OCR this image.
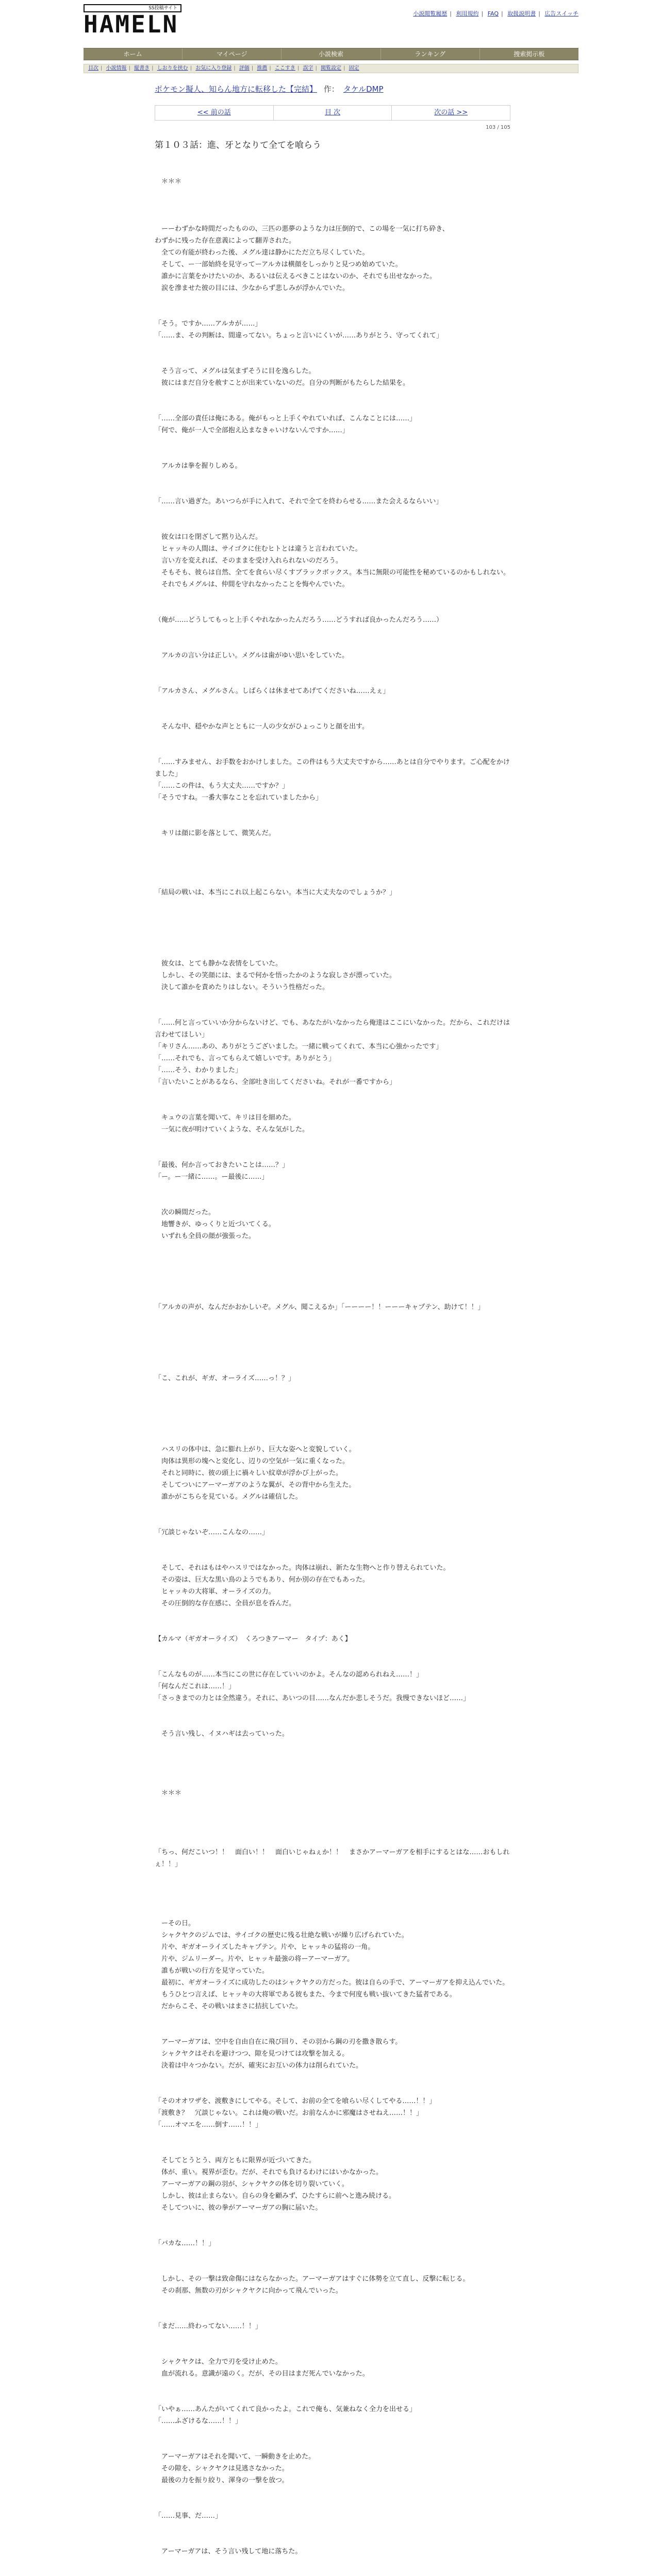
SS投稿サイト
HAMELN	小説閲覧履歴 | 利用規約 | FAQ | 取扱説明書 | 広告スイッチ
ホーム	マイページ	小説検索	ランキング	捜索掲示板
目次 | 小説情報 | 縦書き | しおりを挟む | お気に入り登録 | 評価 | 推薦 | ここすき | 誤字 | 閲覧設定 | 固定
ポケモン擬人、知らん地方に転移した【完結】 作： タケルDMP
<< 前の話	目 次	次の話 >>
103 / 105
第１０３話：進、牙となりて全てを喰らう

　＊＊＊

　ーーわずかな時間だったものの、三匹の悪夢のような力は圧倒的で、この場を一気に打ち砕き、

わずかに残った存在意義によって翻弄された。

　全ての有能が終わった後、メグル達は静かにただ立ち尽くしていた。

　そして、ー一部始終を見守ってーアルカは横顔をしっかりと見つめ始めていた。

　誰かに言葉をかけたいのか、あるいは伝えるべきことはないのか、それでも出せなかった。

　涙を滲ませた彼の目には、少なからず悲しみが浮かんでいた。

「そう。ですか……アルカが……」

「……ま、その判断は、間違ってない。ちょっと言いにくいが……ありがとう、守ってくれて」

　そう言って、メグルは気まずそうに目を逸らした。

　彼にはまだ自分を赦すことが出来ていないのだ。自分の判断がもたらした結果を。

「……全部の責任は俺にある。俺がもっと上手くやれていれば、こんなことには……」

「何で、俺が一人で全部抱え込まなきゃいけないんですか……」

　アルカは拳を握りしめる。

「……言い過ぎた。あいつらが手に入れて、それで全てを終わらせる……また会えるならいい」

　彼女は口を閉ざして黙り込んだ。

　ヒャッキの人間は、サイゴクに住むヒトとは違うと言われていた。

　言い方を変えれば、そのままを受け入れられないのだろう。

　そもそも、彼らは自然、全てを食らい尽くすブラックボックス。本当に無限の可能性を秘めているのかもしれない。

　それでもメグルは、仲間を守れなかったことを悔やんでいた。

（俺が……どうしてもっと上手くやれなかったんだろう……どうすれば良かったんだろう……）

　アルカの言い分は正しい。メグルは歯がゆい思いをしていた。

「アルカさん、メグルさん。しばらくは休ませてあげてくださいね……えぇ」

　そんな中、穏やかな声とともに一人の少女がひょっこりと顔を出す。

「……すみません、お手数をおかけしました。この件はもう大丈夫ですから……あとは自分でやります。ご心配をかけました」

「……この件は、もう大丈夫……ですか？」

「そうですね。一番大事なことを忘れていましたから」

　キリは顔に影を落として、微笑んだ。

「結局の戦いは、本当にこれ以上起こらない。本当に大丈夫なのでしょうか？」

　彼女は、とても静かな表情をしていた。

　しかし、その笑顔には、まるで何かを悟ったかのような寂しさが漂っていた。

　決して誰かを責めたりはしない。そういう性格だった。

「……何と言っていいか分からないけど、でも、あなたがいなかったら俺達はここにいなかった。だから、これだけは言わせてほしい」

「キリさん……あの、ありがとうございました。一緒に戦ってくれて、本当に心強かったです」

「……それでも、言ってもらえて嬉しいです。ありがとう」

「……そう、わかりました」

「言いたいことがあるなら、全部吐き出してくださいね。それが一番ですから」

　キュウの言葉を聞いて、キリは目を細めた。

　一気に夜が明けていくような、そんな気がした。

「最後、何か言っておきたいことは……？」

「ー。ー一緒に……。ー最後に……」

　次の瞬間だった。

　地響きが、ゆっくりと近づいてくる。

　いずれも全員の顔が強張った。

「アルカの声が、なんだかおかしいぞ。メグル、聞こえるか」「ーーーー！！ーーーキャプテン、助けて！！」

「こ、これが、ギガ、オーライズ……っ！？」

　ハスリの体中は、急に膨れ上がり、巨大な姿へと変貌していく。

　肉体は異形の塊へと変化し、辺りの空気が一気に重くなった。

　それと同時に、彼の頭上に禍々しい紋章が浮かび上がった。

　そしてついにアーマーガアのような翼が、その背中から生えた。

　誰かがこちらを見ている。メグルは確信した。

「冗談じゃないぞ……こんなの……」

　そして、それはもはやハスリではなかった。肉体は崩れ、新たな生物へと作り替えられていた。

　その姿は、巨大な黒い鳥のようでもあり、何か別の存在でもあった。

　ヒャッキの大将軍、オーライズの力。

　その圧倒的な存在感に、全員が息を呑んだ。

【カルマ（ギガオーライズ）　くろつきアーマー　タイプ：あく】

「こんなものが……本当にこの世に存在していいのかよ。そんなの認められねえ……！」

「何なんだこれは……！」

「さっきまでの力とは全然違う。それに、あいつの目……なんだか悲しそうだ。我慢できないほど……」

　そう言い残し、イヌハギは去っていった。

　＊＊＊

「ちっ、何だこいつ！！　面白い！！　面白いじゃねぇか！！　まさかアーマーガアを相手にするとはな……おもしれぇ！！」

　ーその日。

　シャクヤクのジムでは、サイゴクの歴史に残る壮絶な戦いが繰り広げられていた。

　片や、ギガオーライズしたキャプテン。片や、ヒャッキの猛将の一角。

　片や、ジムリーダー。片や、ヒャッキ最強の将ーアーマーガア。

　誰もが戦いの行方を見守っていた。

　最初に、ギガオーライズに成功したのはシャクヤクの方だった。彼は自らの手で、アーマーガアを抑え込んでいた。

　もうひとつ言えば、ヒャッキの大将軍である彼もまた、今まで何度も戦い抜いてきた猛者である。

　だからこそ、その戦いはまさに拮抗していた。

　アーマーガアは、空中を自由自在に飛び回り、その羽から鋼の刃を撒き散らす。

　シャクヤクはそれを避けつつ、隙を見つけては攻撃を加える。

　決着は中々つかない。だが、確実にお互いの体力は削られていた。

「そのオオワザを、渡敷きにしてやる。そして、お前の全てを喰らい尽くしてやる……！！」

「渡敷き？　冗談じゃない。これは俺の戦いだ。お前なんかに邪魔はさせねえ……！！」

「……オマエを……倒す……！！」

　そしてとうとう、両方ともに限界が近づいてきた。

　体が、重い。視界が歪む。だが、それでも負けるわけにはいかなかった。

　アーマーガアの鋼の羽が、シャクヤクの体を切り裂いていく。

　しかし、彼は止まらない。自らの身を顧みず、ひたすらに前へと進み続ける。

　そしてついに、彼の拳がアーマーガアの胸に届いた。

「バカな……！！」

　しかし、その一撃は致命傷にはならなかった。アーマーガアはすぐに体勢を立て直し、反撃に転じる。

　その刹那、無数の刃がシャクヤクに向かって飛んでいった。

「まだ……終わってない……！！」

　シャクヤクは、全力で刃を受け止めた。

　血が流れる。意識が遠のく。だが、その目はまだ死んでいなかった。

「いやぁ……あんたがいてくれて良かったよ。これで俺も、気兼ねなく全力を出せる」

「……ふざけるな……！！」

　アーマーガアはそれを聞いて、一瞬動きを止めた。

　その隙を、シャクヤクは見逃さなかった。

　最後の力を振り絞り、渾身の一撃を放つ。

「……見事、だ……」

　アーマーガアは、そう言い残して地に落ちた。
